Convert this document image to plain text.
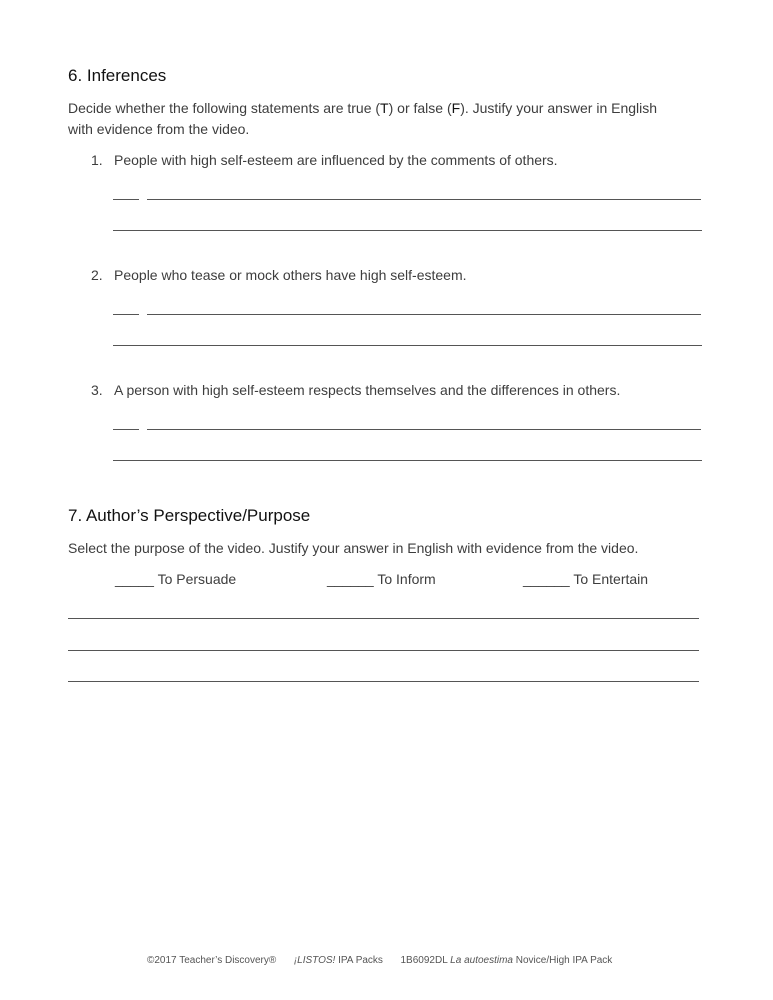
6. Inferences
Decide whether the following statements are true (T) or false (F). Justify your answer in English
with evidence from the video.
1. People with high self-esteem are influenced by the comments of others.
2. People who tease or mock others have high self-esteem.
3. A person with high self-esteem respects themselves and the differences in others.
7. Author’s Perspective/Purpose
Select the purpose of the video. Justify your answer in English with evidence from the video.
_____ To Persuade	______ To Inform	______ To Entertain
©2017 Teacher’s Discovery® ¡LISTOS! IPA Packs 1B6092DL La autoestima Novice/High IPA Pack
